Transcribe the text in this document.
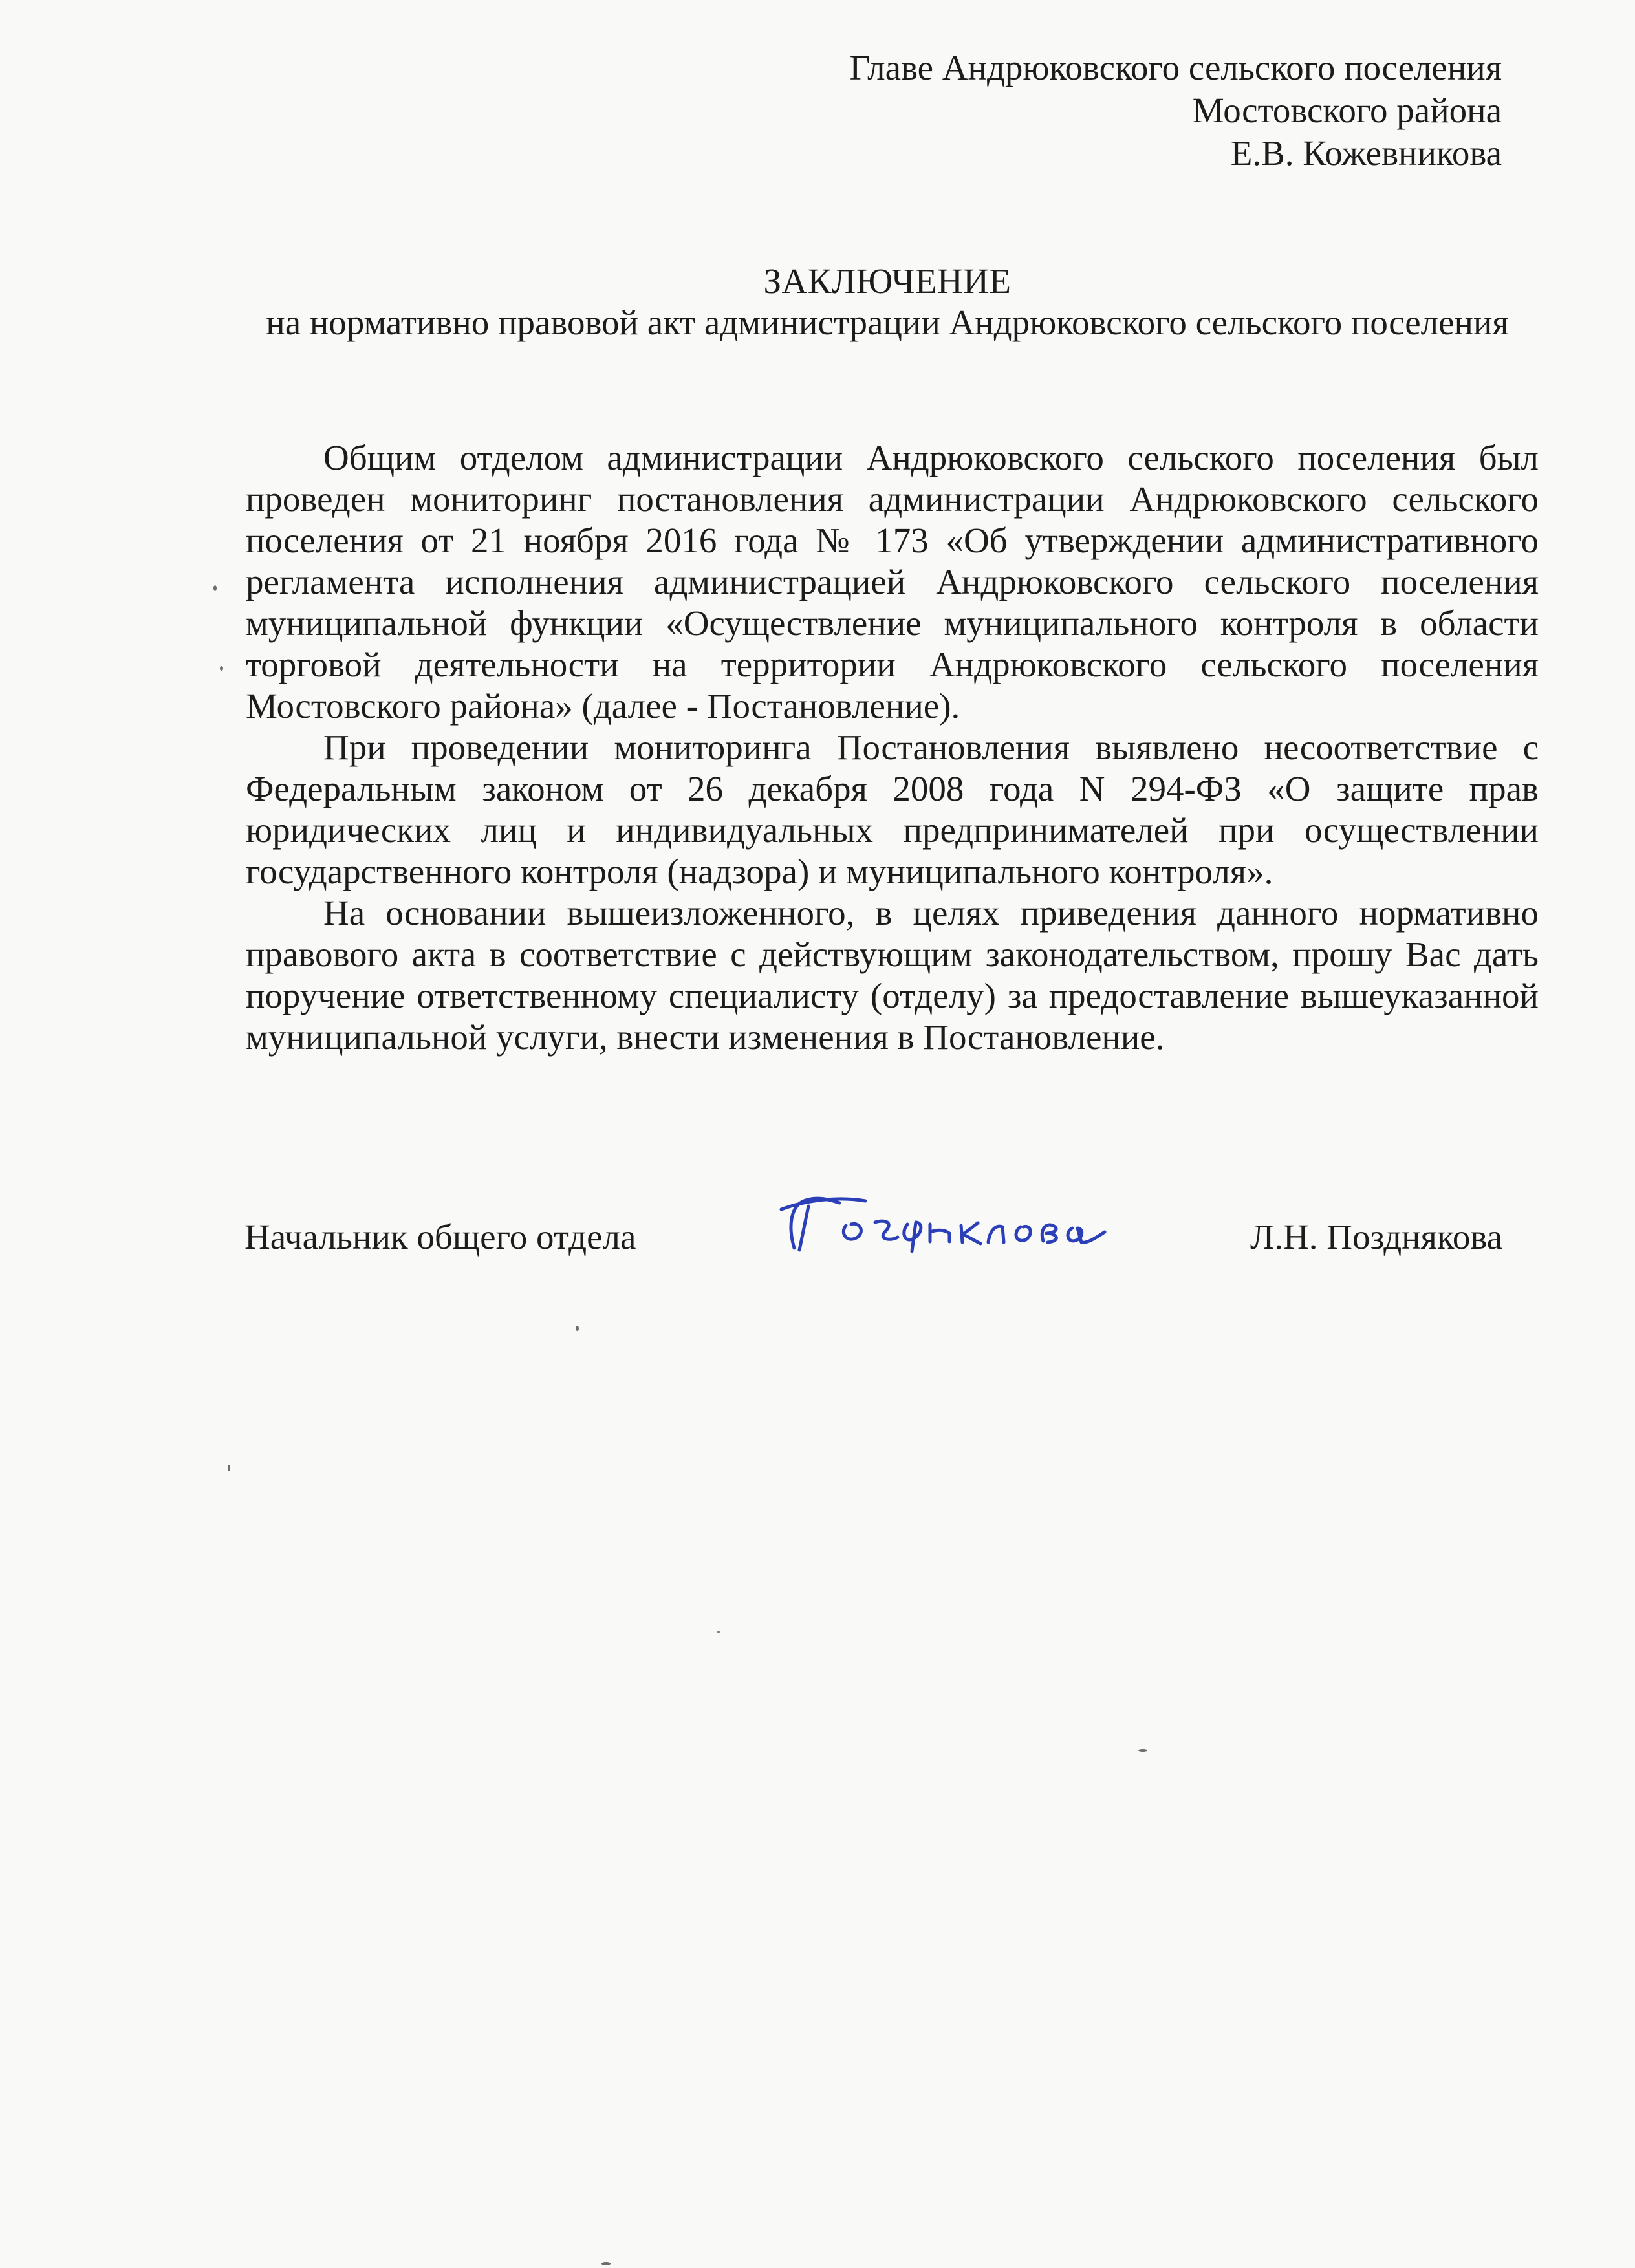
Главе Андрюковского сельского поселения
Мостовского района
Е.В. Кожевникова
ЗАКЛЮЧЕНИЕ
на нормативно правовой акт администрации Андрюковского сельского поселения

Общим отделом администрации Андрюковского сельского поселения был проведен мониторинг постановления администрации Андрюковского сельского поселения от 21 ноября 2016 года № 173 «Об утверждении административного регламента исполнения администрацией Андрюковского сельского поселения муниципальной функции «Осуществление муниципального контроля в области торговой деятельности на территории Андрюковского сельского поселения Мостовского района» (далее - Постановление).

При проведении мониторинга Постановления выявлено несоответствие с Федеральным законом от 26 декабря 2008 года N 294-ФЗ «О защите прав юридических лиц и индивидуальных предпринимателей при осуществлении государственного контроля (надзора) и муниципального контроля».

На основании вышеизложенного, в целях приведения данного нормативно правового акта в соответствие с действующим законодательством, прошу Вас дать поручение ответственному специалисту (отделу) за предоставление вышеуказанной муниципальной услуги, внести изменения в Постановление.

Начальник общего отдела	Л.Н. Позднякова
